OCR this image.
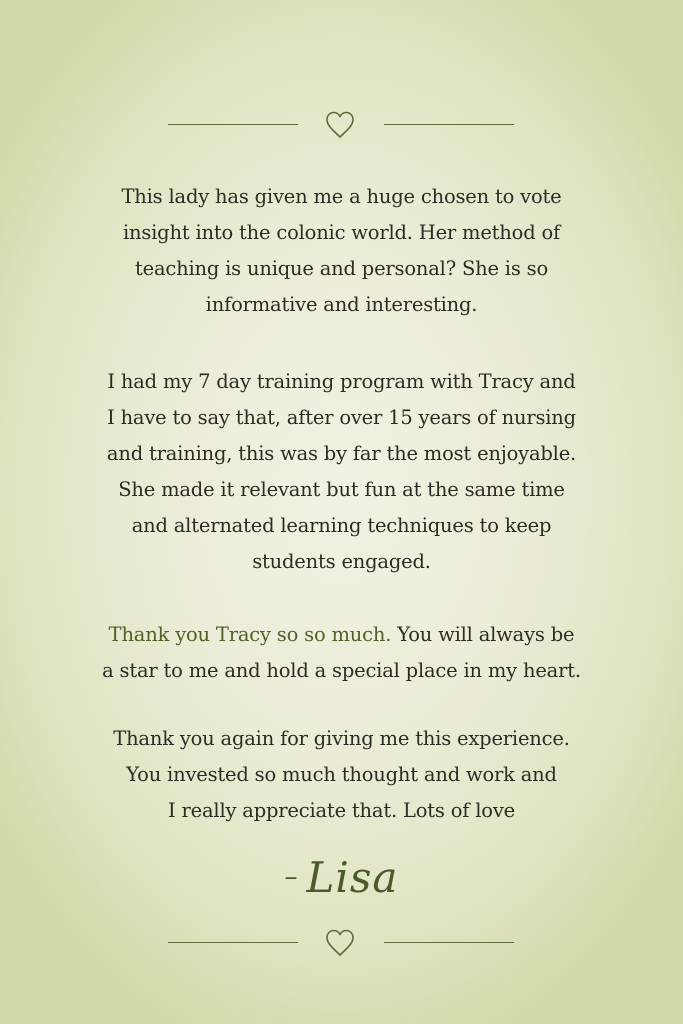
This lady has given me a huge chosen to vote
insight into the colonic world. Her method of
teaching is unique and personal? She is so
informative and interesting.
I had my 7 day training program with Tracy and
I have to say that, after over 15 years of nursing
and training, this was by far the most enjoyable.
She made it relevant but fun at the same time
and alternated learning techniques to keep
students engaged.
Thank you Tracy so so much. You will always be
a star to me and hold a special place in my heart.
Thank you again for giving me this experience.
You invested so much thought and work and
I really appreciate that. Lots of love
– Lisa
